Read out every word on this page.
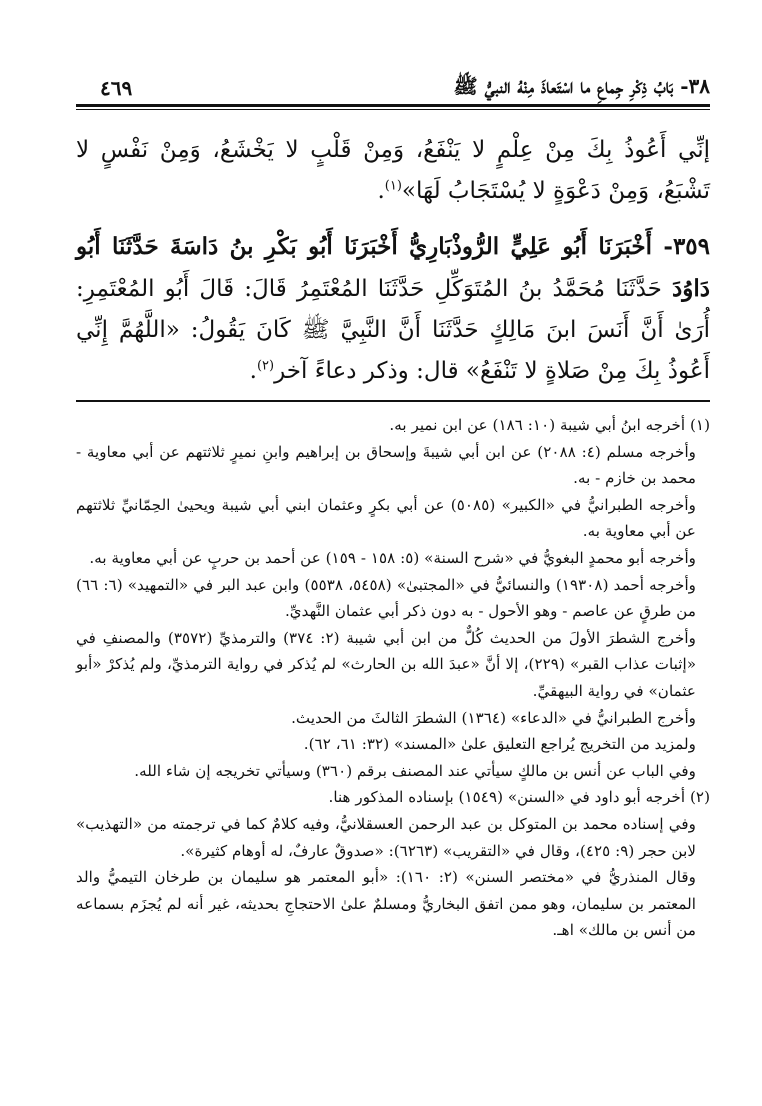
٣٨- بَابُ ذِكْرِ جِماعِ ما اسْتَعاذَ مِنْهُ النبيُّ ﷺ
٤٦٩

إنِّي أَعُوذُ بِكَ مِنْ عِلْمٍ لا يَنْفَعُ، وَمِنْ قَلْبٍ لا يَخْشَعُ، وَمِنْ نَفْسٍ لا تَشْبَعُ، وَمِنْ دَعْوَةٍ لا يُسْتَجَابُ لَهَا»$^{(١)}$.

٣٥٩- أَخْبَرَنَا أَبُو عَلِيٍّ الرُّوذْبَارِيُّ أَخْبَرَنَا أَبُو بَكْرِ بنُ دَاسَةَ حَدَّثَنَا أَبُو دَاوُدَ حَدَّثَنَا مُحَمَّدُ بنُ المُتَوَكِّلِ حَدَّثَنَا المُعْتَمِرُ قَالَ: قَالَ أَبُو المُعْتَمِرِ: أُرَىٰ أَنَّ أَنَسَ ابنَ مَالِكٍ حَدَّثَنَا أَنَّ النَّبِيَّ ﷺ كَانَ يَقُولُ: «اللَّهُمَّ إِنِّي أَعُوذُ بِكَ مِنْ صَلاةٍ لا تَنْفَعُ» قال: وذكر دعاءً آخر$^{(٢)}$.

(١) أخرجه ابنُ أبي شيبة (١٠: ١٨٦) عن ابن نمير به.

وأخرجه مسلم (٤: ٢٠٨٨) عن ابن أبي شيبةَ وإسحاق بن إبراهيم وابنِ نميرٍ ثلاثتهم عن أبي معاوية - محمد بن خازم - به.

وأخرجه الطبرانيُّ في «الكبير» (٥٠٨٥) عن أبي بكرٍ وعثمان ابني أبي شيبة ويحيىٰ الحِمّانيِّ ثلاثتهم عن أبي معاوية به.

وأخرجه أبو محمدٍ البغويُّ في «شرح السنة» (٥: ١٥٨ - ١٥٩) عن أحمد بن حربٍ عن أبي معاوية به.

وأخرجه أحمد (١٩٣٠٨) والنسائيُّ في «المجتبىٰ» (٥٤٥٨، ٥٥٣٨) وابن عبد البر في «التمهيد» (٦: ٦٦) من طرقٍ عن عاصم - وهو الأحول - به دون ذكر أبي عثمان النَّهديِّ.

وأخرج الشطرَ الأولَ من الحديث كُلٌّ من ابن أبي شيبة (٢: ٣٧٤) والترمذيِّ (٣٥٧٢) والمصنفِ في «إثبات عذاب القبر» (٢٢٩)، إلا أنَّ «عبدَ الله بن الحارث» لم يُذكر في رواية الترمذيِّ، ولم يُذكرْ «أبو عثمان» في رواية البيهقيِّ.

وأخرج الطبرانيُّ في «الدعاء» (١٣٦٤) الشطرَ الثالثَ من الحديث.

ولمزيد من التخريج يُراجع التعليق علىٰ «المسند» (٣٢: ٦١، ٦٢).

وفي الباب عن أنس بن مالكٍ سيأتي عند المصنف برقم (٣٦٠) وسيأتي تخريجه إن شاء الله.

(٢) أخرجه أبو داود في «السنن» (١٥٤٩) بإسناده المذكور هنا.

وفي إسناده محمد بن المتوكل بن عبد الرحمن العسقلانيُّ، وفيه كلامٌ كما في ترجمته من «التهذيب» لابن حجر (٩: ٤٢٥)، وقال في «التقريب» (٦٢٦٣): «صدوقٌ عارفٌ، له أوهام كثيرة».

وقال المنذريُّ في «مختصر السنن» (٢: ١٦٠): «أبو المعتمر هو سليمان بن طرخان التيميُّ والد المعتمر بن سليمان، وهو ممن اتفق البخاريُّ ومسلمٌ علىٰ الاحتجاجِ بحديثه، غير أنه لم يُجزَم بسماعه من أنس بن مالك» اهـ.
